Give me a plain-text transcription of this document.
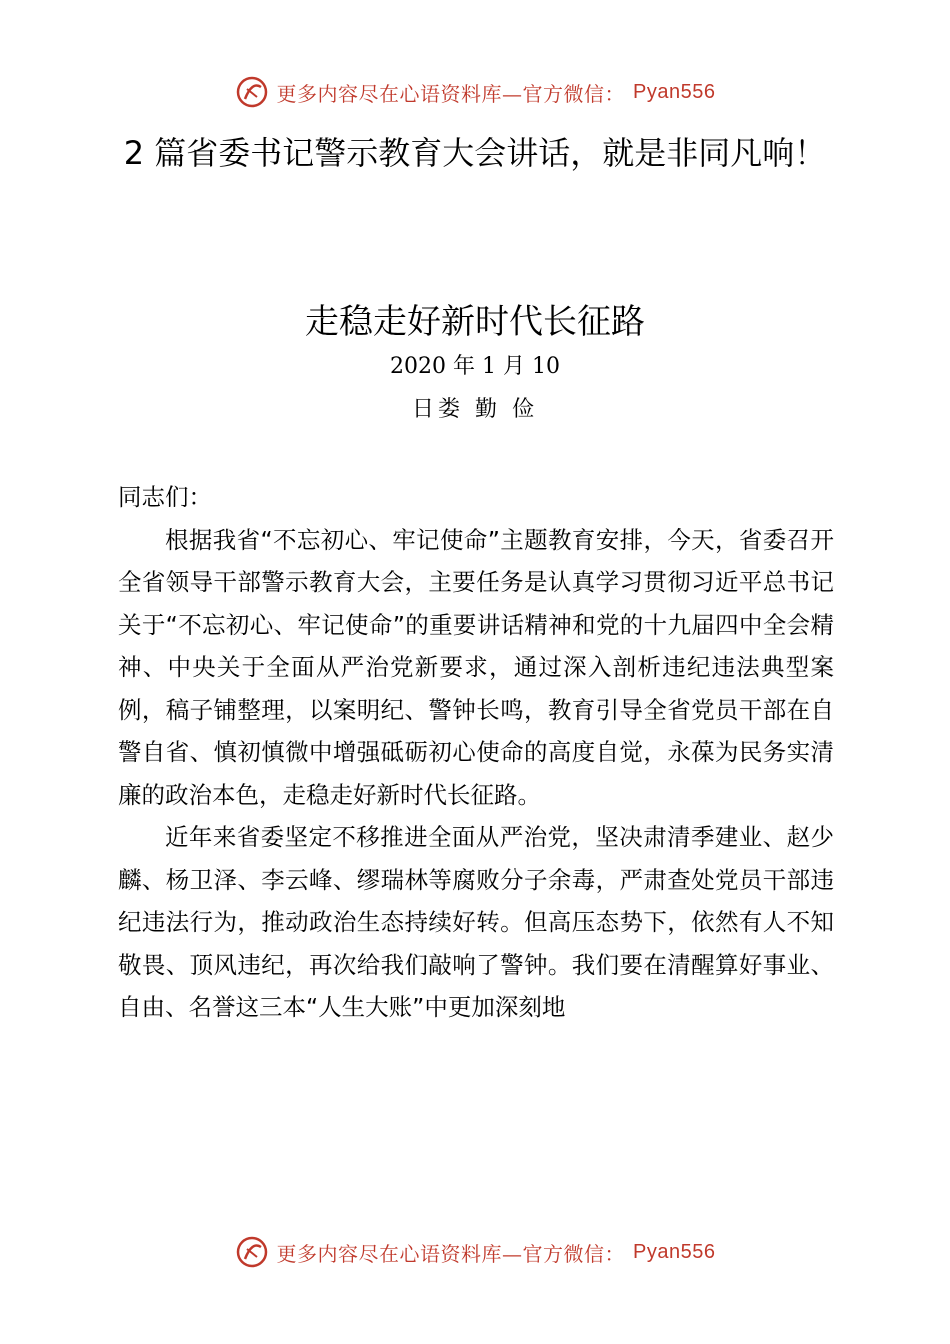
更多内容尽在心语资料库—官方微信： Pyan556
2 篇省委书记警示教育大会讲话，就是非同凡响！
走稳走好新时代长征路
2020 年 1 月 10
日娄 勤 俭

同志们：

根据我省“不忘初心、牢记使命”主题教育安排，今天，省委召开全省领导干部警示教育大会，主要任务是认真学习贯彻习近平总书记关于“不忘初心、牢记使命”的重要讲话精神和党的十九届四中全会精神、中央关于全面从严治党新要求，通过深入剖析违纪违法典型案例，稿子铺整理，以案明纪、警钟长鸣，教育引导全省党员干部在自警自省、慎初慎微中增强砥砺初心使命的高度自觉，永葆为民务实清廉的政治本色，走稳走好新时代长征路。

近年来省委坚定不移推进全面从严治党，坚决肃清季建业、赵少麟、杨卫泽、李云峰、缪瑞林等腐败分子余毒，严肃查处党员干部违纪违法行为，推动政治生态持续好转。但高压态势下，依然有人不知敬畏、顶风违纪，再次给我们敲响了警钟。我们要在清醒算好事业、自由、名誉这三本“人生大账”中更加深刻地

更多内容尽在心语资料库—官方微信： Pyan556
